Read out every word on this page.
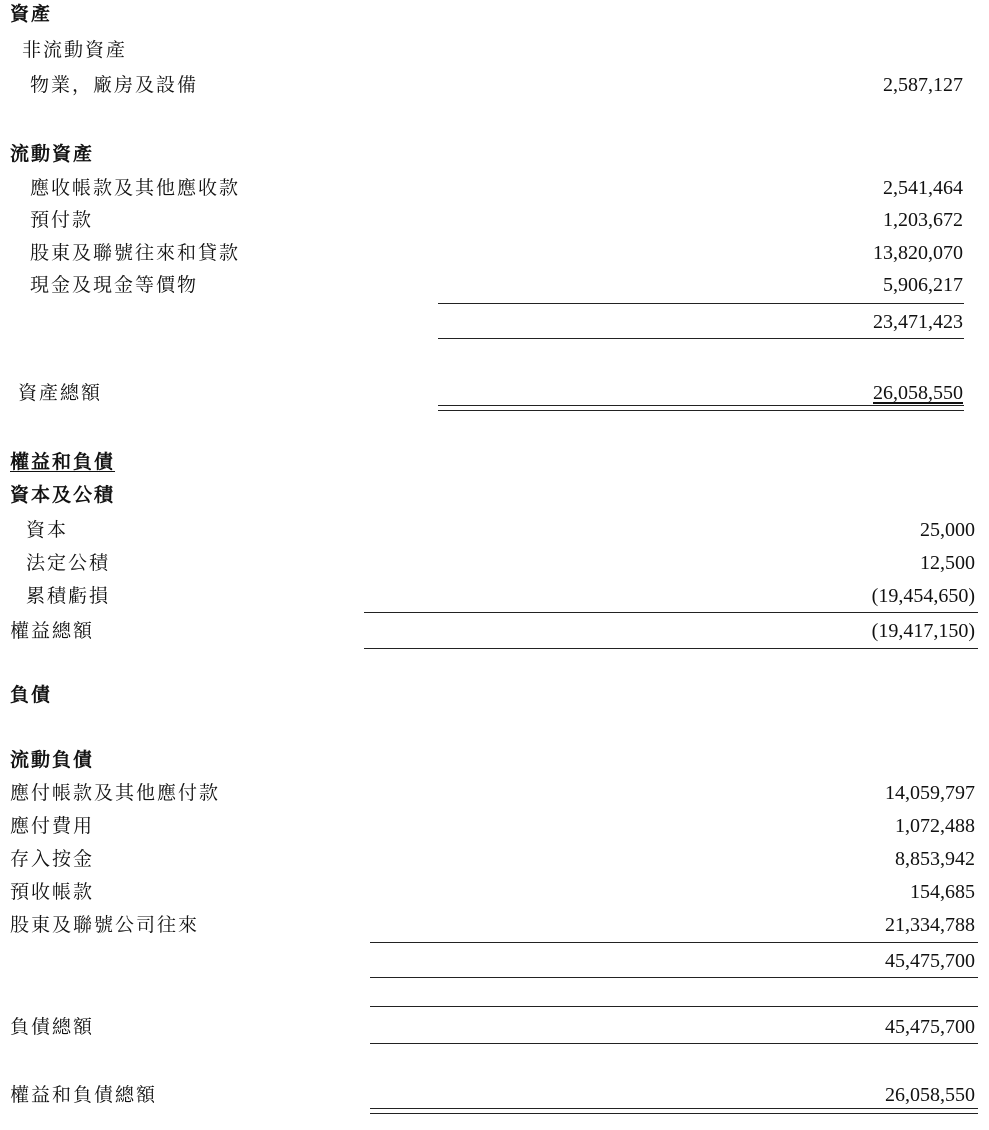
資產
非流動資產
物業，廠房及設備	2,587,127
流動資產
應收帳款及其他應收款	2,541,464
預付款	1,203,672
股東及聯號往來和貸款	13,820,070
現金及現金等價物	5,906,217
23,471,423
資產總額	26,058,550
權益和負債
資本及公積
資本	25,000
法定公積	12,500
累積虧損	(19,454,650)
權益總額	(19,417,150)
負債
流動負債
應付帳款及其他應付款	14,059,797
應付費用	1,072,488
存入按金	8,853,942
預收帳款	154,685
股東及聯號公司往來	21,334,788
45,475,700
負債總額	45,475,700
權益和負債總額	26,058,550
